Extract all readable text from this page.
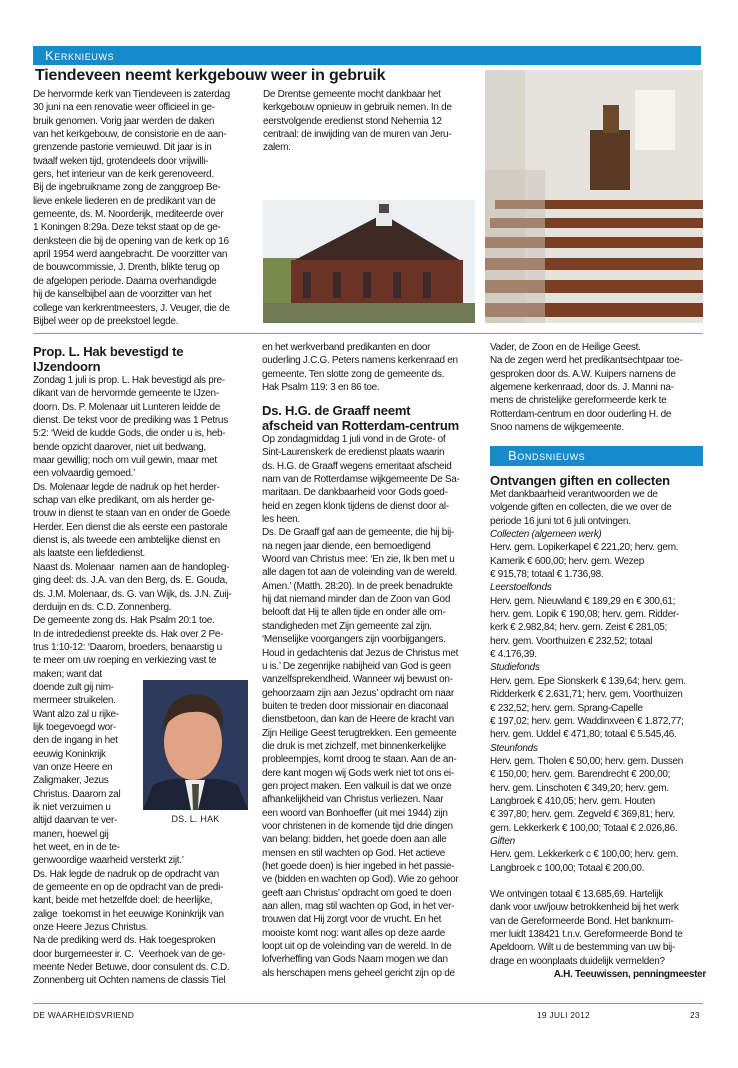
Kerknieuws
Tiendeveen neemt kerkgebouw weer in gebruik
De hervormde kerk van Tiendeveen is zaterdag
30 juni na een renovatie weer officieel in ge-
bruik genomen. Vorig jaar werden de daken
van het kerkgebouw, de consistorie en de aan-
grenzende pastorie vernieuwd. Dit jaar is in
twaalf weken tijd, grotendeels door vrijwilli-
gers, het interieur van de kerk gerenoveerd.
Bij de ingebruikname zong de zanggroep Be-
lieve enkele liederen en de predikant van de
gemeente, ds. M. Noorderijk, mediteerde over
1 Koningen 8:29a. Deze tekst staat op de ge-
denksteen die bij de opening van de kerk op 16
april 1954 werd aangebracht. De voorzitter van
de bouwcommissie, J. Drenth, blikte terug op
de afgelopen periode. Daarna overhandigde
hij de kanselbijbel aan de voorzitter van het
college van kerkrentmeesters, J. Veuger, die de
Bijbel weer op de preekstoel legde.
De Drentse gemeente mocht dankbaar het
kerkgebouw opnieuw in gebruik nemen. In de
eerstvolgende eredienst stond Nehemia 12
centraal: de inwijding van de muren van Jeru-
zalem.
Prop. L. Hak bevestigd te
IJzendoorn
Zondag 1 juli is prop. L. Hak bevestigd als pre-
dikant van de hervormde gemeente te IJzen-
doorn. Ds. P. Molenaar uit Lunteren leidde de
dienst. De tekst voor de prediking was 1 Petrus
5:2: ‘Weid de kudde Gods, die onder u is, heb-
bende opzicht daarover, niet uit bedwang,
maar gewillig; noch om vuil gewin, maar met
een volvaardig gemoed.’
Ds. Molenaar legde de nadruk op het herder-
schap van elke predikant, om als herder ge-
trouw in dienst te staan van en onder de Goede
Herder. Een dienst die als eerste een pastorale
dienst is, als tweede een ambtelijke dienst en
als laatste een liefdedienst.
Naast ds. Molenaar  namen aan de handopleg-
ging deel: ds. J.A. van den Berg, ds. E. Gouda,
ds. J.M. Molenaar, ds. G. van Wijk, ds. J.N. Zuij-
derduijn en ds. C.D. Zonnenberg.
De gemeente zong ds. Hak Psalm 20:1 toe.
In de intrededienst preekte ds. Hak over 2 Pe-
trus 1:10-12: ‘Daarom, broeders, benaarstig u
te meer om uw roeping en verkiezing vast te
maken; want dat
doende zult gij nim-
mermeer struikelen.
Want alzo zal u rijke-
lijk toegevoegd wor-
den de ingang in het
eeuwig Koninkrijk
van onze Heere en
Zaligmaker, Jezus
Christus. Daarom zal
ik niet verzuimen u
altijd daarvan te ver-
manen, hoewel gij
het weet, en in de te-
genwoordige waarheid versterkt zijt.’
Ds. Hak legde de nadruk op de opdracht van
de gemeente en op de opdracht van de predi-
kant, beide met hetzelfde doel: de heerlijke,
zalige  toekomst in het eeuwige Koninkrijk van
onze Heere Jezus Christus.
Na de prediking werd ds. Hak toegesproken
door burgemeester ir. C.  Veerhoek van de ge-
meente Neder Betuwe, door consulent ds. C.D.
Zonnenberg uit Ochten namens de classis Tiel
DS. L. HAK
en het werkverband predikanten en door
ouderling J.C.G. Peters namens kerkenraad en
gemeente. Ten slotte zong de gemeente ds.
Hak Psalm 119: 3 en 86 toe.
Ds. H.G. de Graaff neemt
afscheid van Rotterdam-centrum
Op zondagmiddag 1 juli vond in de Grote- of
Sint-Laurenskerk de eredienst plaats waarin
ds. H.G. de Graaff wegens emeritaat afscheid
nam van de Rotterdamse wijkgemeente De Sa-
maritaan. De dankbaarheid voor Gods goed-
heid en zegen klonk tijdens de dienst door al-
les heen.
Ds. De Graaff gaf aan de gemeente, die hij bij-
na negen jaar diende, een bemoedigend
Woord van Christus mee: ‘En zie, Ik ben met u
alle dagen tot aan de voleinding van de wereld.
Amen.’ (Matth. 28:20). In de preek benadrukte
hij dat niemand minder dan de Zoon van God
belooft dat Hij te allen tijde en onder alle om-
standigheden met Zijn gemeente zal zijn.
‘Menselijke voorgangers zijn voorbijgangers.
Houd in gedachtenis dat Jezus de Christus met
u is.’ De zegenrijke nabijheid van God is geen
vanzelfsprekendheid. Wanneer wij bewust on-
gehoorzaam zijn aan Jezus’ opdracht om naar
buiten te treden door missionair en diaconaal
dienstbetoon, dan kan de Heere de kracht van
Zijn Heilige Geest terugtrekken. Een gemeente
die druk is met zichzelf, met binnenkerkelijke
probleempjes, komt droog te staan. Aan de an-
dere kant mogen wij Gods werk niet tot ons ei-
gen project maken. Een valkuil is dat we onze
afhankelijkheid van Christus verliezen. Naar
een woord van Bonhoeffer (uit mei 1944) zijn
voor christenen in de komende tijd drie dingen
van belang: bidden, het goede doen aan alle
mensen en stil wachten op God. Het actieve
(het goede doen) is hier ingebed in het passie-
ve (bidden en wachten op God). Wie zo gehoor
geeft aan Christus’ opdracht om goed te doen
aan allen, mag stil wachten op God, in het ver-
trouwen dat Hij zorgt voor de vrucht. En het
mooiste komt nog: want alles op deze aarde
loopt uit op de voleinding van de wereld. In de
lofverheffing van Gods Naam mogen we dan
als herschapen mens geheel gericht zijn op de
Vader, de Zoon en de Heilige Geest.
Na de zegen werd het predikantsechtpaar toe-
gesproken door ds. A.W. Kuipers namens de
algemene kerkenraad, door ds. J. Manni na-
mens de christelijke gereformeerde kerk te
Rotterdam-centrum en door ouderling H. de
Snoo namens de wijkgemeente.
Bondsnieuws
Ontvangen giften en collecten
Met dankbaarheid verantwoorden we de
volgende giften en collecten, die we over de
periode 16 juni tot 6 juli ontvingen.
Collecten (algemeen werk)
Herv. gem. Lopikerkapel € 221,20; herv. gem.
Kamerik € 600,00; herv. gem. Wezep
€ 915,78; totaal € 1.736,98.
Leerstoelfonds
Herv. gem. Nieuwland € 189,29 en € 300,61;
herv. gem. Lopik € 190,08; herv. gem. Ridder-
kerk € 2.982,84; herv. gem. Zeist € 281,05;
herv. gem. Voorthuizen € 232,52; totaal
€ 4.176,39.
Studiefonds
Herv. gem. Epe Sionskerk € 139,64; herv. gem.
Ridderkerk € 2.631,71; herv. gem. Voorthuizen
€ 232,52; herv. gem. Sprang-Capelle
€ 197,02; herv. gem. Waddinxveen € 1.872,77;
herv. gem. Uddel € 471,80; totaal € 5.545,46.
Steunfonds
Herv. gem. Tholen € 50,00; herv. gem. Dussen
€ 150,00; herv. gem. Barendrecht € 200,00;
herv. gem. Linschoten € 349,20; herv. gem.
Langbroek € 410,05; herv. gem. Houten
€ 397,80; herv. gem. Zegveld € 369,81; herv.
gem. Lekkerkerk € 100,00; Totaal € 2.026,86.
Giften
Herv. gem. Lekkerkerk c € 100,00; herv. gem.
Langbroek c 100,00; Totaal € 200,00.
We ontvingen totaal € 13.685,69. Hartelijk
dank voor uw/jouw betrokkenheid bij het werk
van de Gereformeerde Bond. Het banknum-
mer luidt 138421 t.n.v. Gereformeerde Bond te
Apeldoorn. Wilt u de bestemming van uw bij-
drage en woonplaats duidelijk vermelden?
A.H. Teeuwissen, penningmeester
DE WAARHEIDSVRIEND	19 JULI 2012	23
